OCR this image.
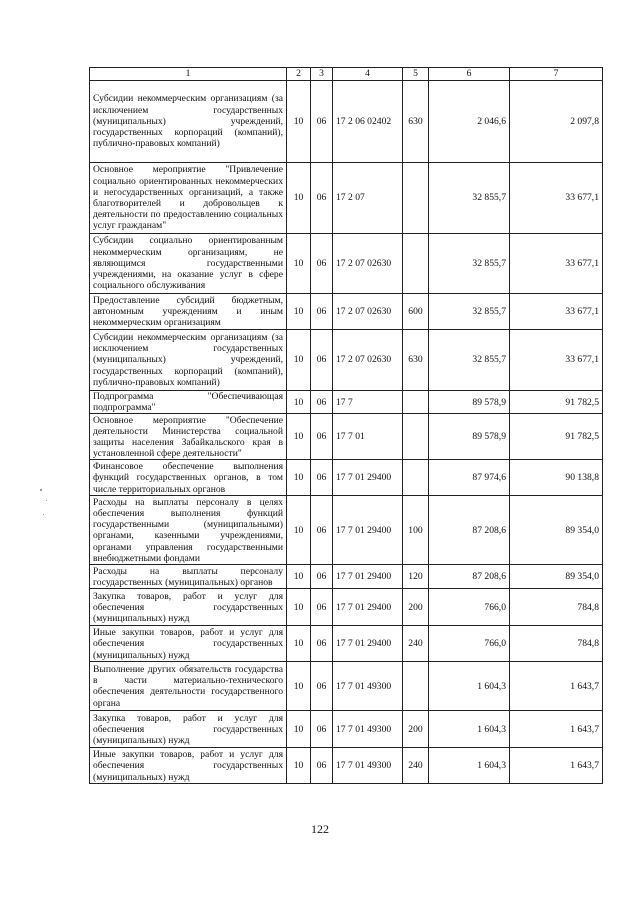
1	2	3	4	5	6	7
Субсидии некоммерческим организациям (за исключением государственных (муниципальных) учреждений, государственных корпораций (компаний), публично-правовых компаний)	10	06	17 2 06 02402	630	2 046,6	2 097,8
Основное мероприятие "Привлечение социально ориентированных некоммерческих и негосударственных организаций, а также благотворителей и добровольцев к деятельности по предоставлению социальных услуг гражданам"	10	06	17 2 07		32 855,7	33 677,1
Субсидии социально ориентированным некоммерческим организациям, не являющимся государственными учреждениями, на оказание услуг в сфере социального обслуживания	10	06	17 2 07 02630		32 855,7	33 677,1
Предоставление субсидий бюджетным, автономным учреждениям и иным некоммерческим организациям	10	06	17 2 07 02630	600	32 855,7	33 677,1
Субсидии некоммерческим организациям (за исключением государственных (муниципальных) учреждений, государственных корпораций (компаний), публично-правовых компаний)	10	06	17 2 07 02630	630	32 855,7	33 677,1
Подпрограмма "Обеспечивающая подпрограмма"	10	06	17 7		89 578,9	91 782,5
Основное мероприятие "Обеспечение деятельности Министерства социальной защиты населения Забайкальского края в установленной сфере деятельности"	10	06	17 7 01		89 578,9	91 782,5
Финансовое обеспечение выполнения функций государственных органов, в том числе территориальных органов	10	06	17 7 01 29400		87 974,6	90 138,8
Расходы на выплаты персоналу в целях обеспечения выполнения функций государственными (муниципальными) органами, казенными учреждениями, органами управления государственными внебюджетными фондами	10	06	17 7 01 29400	100	87 208,6	89 354,0
Расходы на выплаты персоналу государственных (муниципальных) органов	10	06	17 7 01 29400	120	87 208,6	89 354,0
Закупка товаров, работ и услуг для обеспечения государственных (муниципальных) нужд	10	06	17 7 01 29400	200	766,0	784,8
Иные закупки товаров, работ и услуг для обеспечения государственных (муниципальных) нужд	10	06	17 7 01 29400	240	766,0	784,8
Выполнение других обязательств государства в части материально-технического обеспечения деятельности государственного органа	10	06	17 7 01 49300		1 604,3	1 643,7
Закупка товаров, работ и услуг для обеспечения государственных (муниципальных) нужд	10	06	17 7 01 49300	200	1 604,3	1 643,7
Иные закупки товаров, работ и услуг для обеспечения государственных (муниципальных) нужд	10	06	17 7 01 49300	240	1 604,3	1 643,7
122
